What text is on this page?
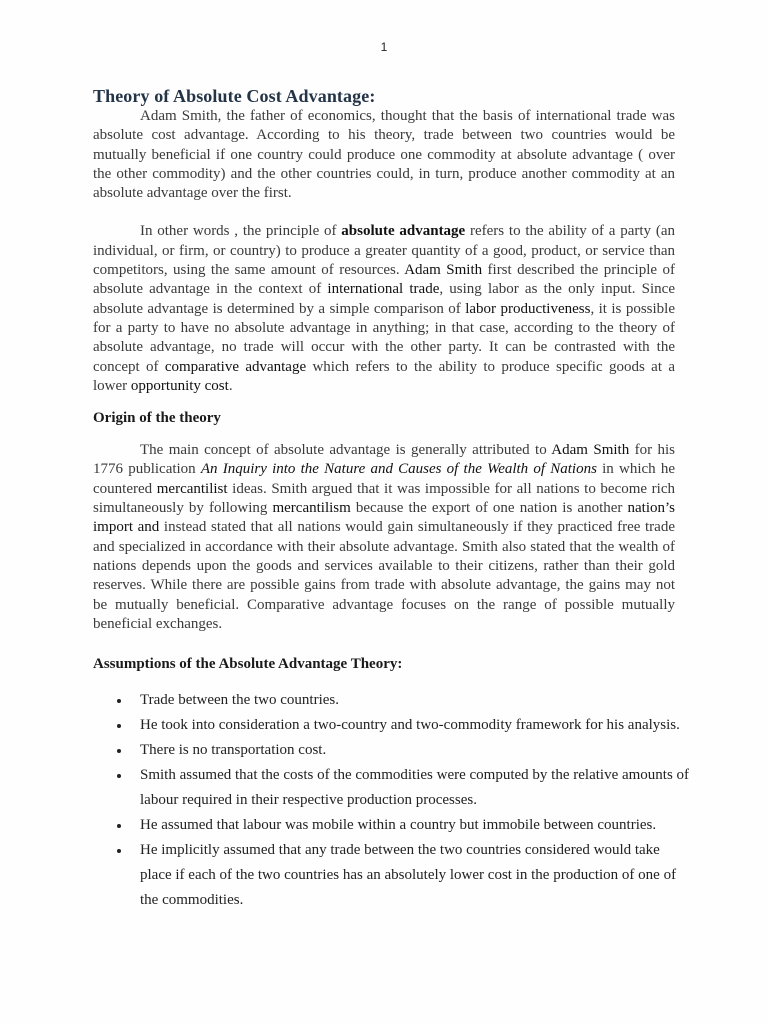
1
Theory of Absolute Cost Advantage:

Adam Smith, the father of economics, thought that the basis of international trade was absolute cost advantage. According to his theory, trade between two countries would be mutually beneficial if one country could produce one commodity at absolute advantage ( over the other commodity) and the other countries could, in turn, produce another commodity at an absolute advantage over the first.

In other words , the principle of absolute advantage refers to the ability of a party (an individual, or firm, or country) to produce a greater quantity of a good, product, or service than competitors, using the same amount of resources. Adam Smith first described the principle of absolute advantage in the context of international trade, using labor as the only input. Since absolute advantage is determined by a simple comparison of labor productiveness, it is possible for a party to have no absolute advantage in anything; in that case, according to the theory of absolute advantage, no trade will occur with the other party. It can be contrasted with the concept of comparative advantage which refers to the ability to produce specific goods at a lower opportunity cost.

Origin of the theory

The main concept of absolute advantage is generally attributed to Adam Smith for his 1776 publication An Inquiry into the Nature and Causes of the Wealth of Nations in which he countered mercantilist ideas. Smith argued that it was impossible for all nations to become rich simultaneously by following mercantilism because the export of one nation is another nation’s import and instead stated that all nations would gain simultaneously if they practiced free trade and specialized in accordance with their absolute advantage. Smith also stated that the wealth of nations depends upon the goods and services available to their citizens, rather than their gold reserves. While there are possible gains from trade with absolute advantage, the gains may not be mutually beneficial. Comparative advantage focuses on the range of possible mutually beneficial exchanges.

Assumptions of the Absolute Advantage Theory:
Trade between the two countries.
He took into consideration a two-country and two-commodity framework for his analysis.
There is no transportation cost.
Smith assumed that the costs of the commodities were computed by the relative amounts of labour required in their respective production processes.
He assumed that labour was mobile within a country but immobile between countries.
He implicitly assumed that any trade between the two countries considered would take place if each of the two countries has an absolutely lower cost in the production of one of the commodities.
